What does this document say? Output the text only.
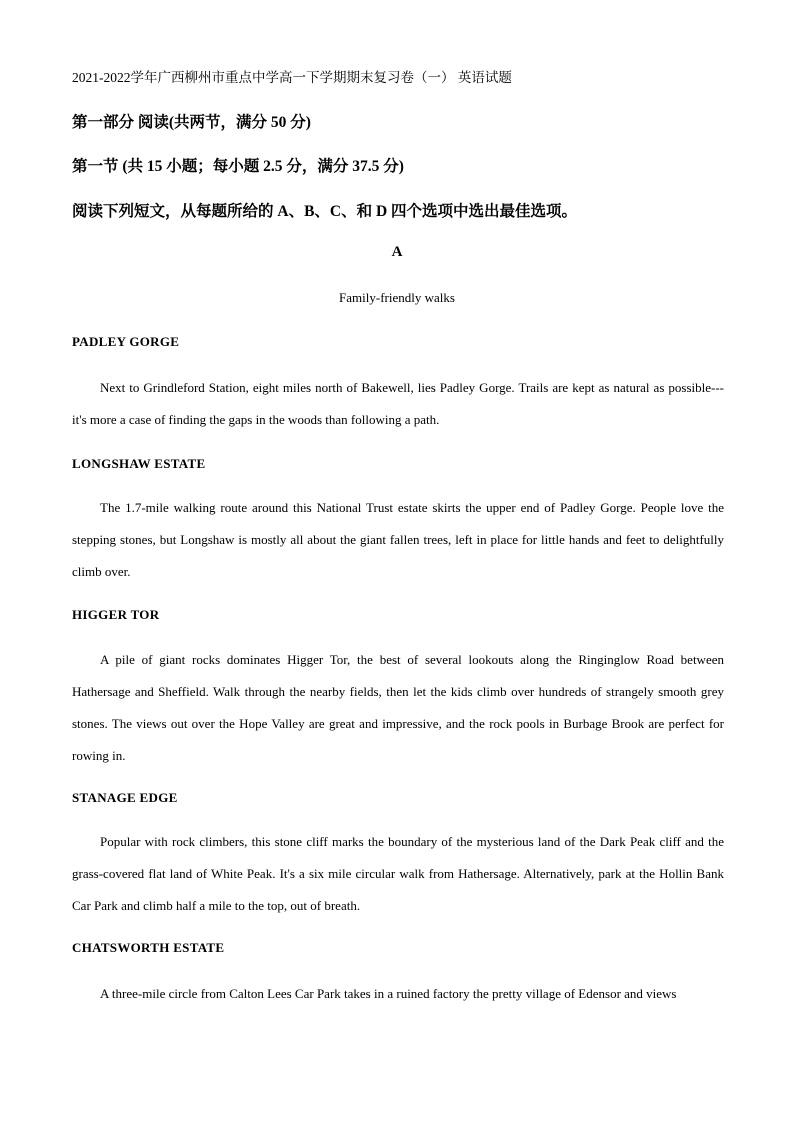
2021-2022学年广西柳州市重点中学高一下学期期末复习卷（一） 英语试题
第一部分 阅读(共两节，满分 50 分)
第一节 (共 15 小题；每小题 2.5 分，满分 37.5 分)
阅读下列短文，从每题所给的 A、B、C、和 D 四个选项中选出最佳选项。
A
Family-friendly walks
PADLEY GORGE

Next to Grindleford Station, eight miles north of Bakewell, lies Padley Gorge. Trails are kept as natural as possible---it's more a case of finding the gaps in the woods than following a path.

LONGSHAW ESTATE

The 1.7-mile walking route around this National Trust estate skirts the upper end of Padley Gorge. People love the stepping stones, but Longshaw is mostly all about the giant fallen trees, left in place for little hands and feet to delightfully climb over.

HIGGER TOR

A pile of giant rocks dominates Higger Tor, the best of several lookouts along the Ringinglow Road between Hathersage and Sheffield. Walk through the nearby fields, then let the kids climb over hundreds of strangely smooth grey stones. The views out over the Hope Valley are great and impressive, and the rock pools in Burbage Brook are perfect for rowing in.

STANAGE EDGE

Popular with rock climbers, this stone cliff marks the boundary of the mysterious land of the Dark Peak cliff and the grass-covered flat land of White Peak. It's a six mile circular walk from Hathersage. Alternatively, park at the Hollin Bank Car Park and climb half a mile to the top, out of breath.

CHATSWORTH ESTATE

A three-mile circle from Calton Lees Car Park takes in a ruined factory the pretty village of Edensor and views
